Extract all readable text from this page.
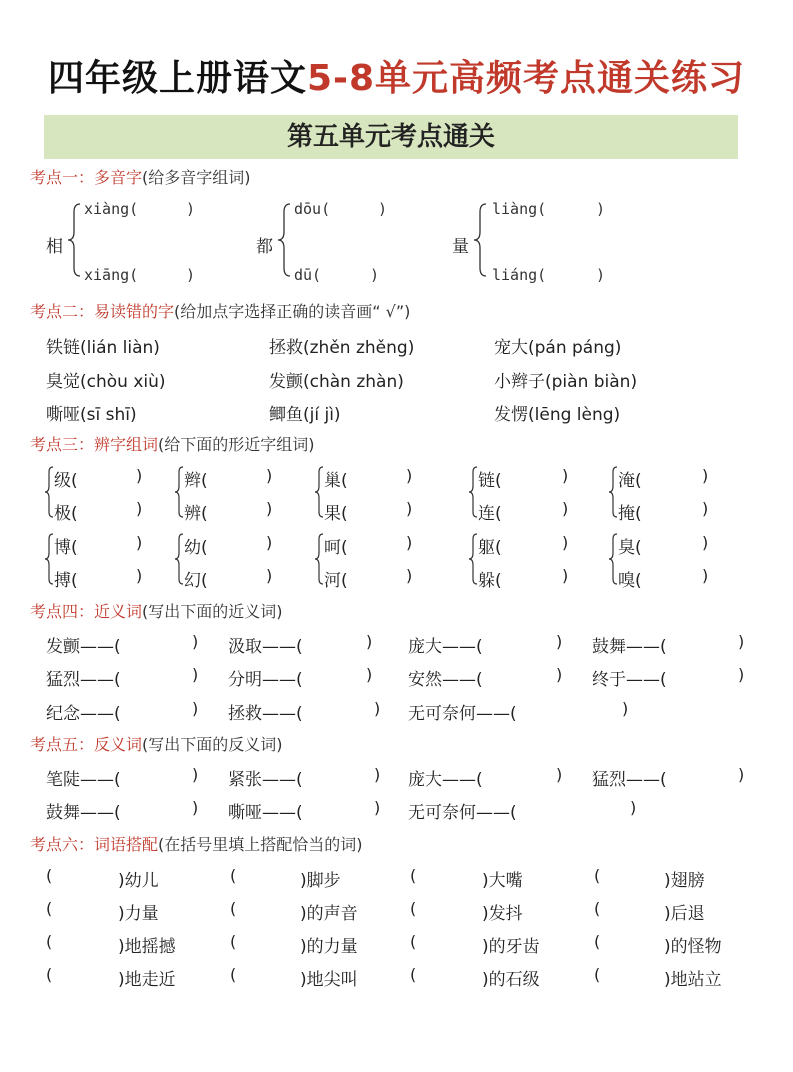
四年级上册语文5-8单元高频考点通关练习
第五单元考点通关
考点一：多音字(给多音字组词)
相
xiàng(	)
xiāng(	)
都
dōu(	)
dū(	)
量
liàng(	)
liáng(	)
考点二：易读错的字(给加点字选择正确的读音画“ √”)
铁链(lián liàn)	拯救(zhěn zhěng)	宠大(pán páng)
臭觉(chòu xiù)	发颤(chàn zhàn)	小辫子(piàn biàn)
嘶哑(sī shī)	鲫鱼(jí jì)	发愣(lēng lèng)
考点三：辨字组词(给下面的形近字组词)
级(	)
极(	)
辫(	)
辨(	)
巢(	)
果(	)
链(	)
连(	)
淹(	)
掩(	)
博(	)
搏(	)
幼(	)
幻(	)
呵(	)
河(	)
躯(	)
躲(	)
臭(	)
嗅(	)
考点四：近义词(写出下面的近义词)
发颤——(	) 汲取——(	) 庞大——(	) 鼓舞——(	)
猛烈——(	) 分明——(	) 安然——(	) 终于——(	)
纪念——(	) 拯救——(	) 无可奈何——(	)
考点五：反义词(写出下面的反义词)
笔陡——(	) 紧张——(	) 庞大——(	) 猛烈——(	)
鼓舞——(	) 嘶哑——(	) 无可奈何——(	)
考点六：词语搭配(在括号里填上搭配恰当的词)
(	)幼儿	(	)脚步	(	)大嘴	(	)翅膀
(	)力量	(	)的声音	(	)发抖	(	)后退
(	)地摇撼	(	)的力量	(	)的牙齿	(	)的怪物
(	)地走近	(	)地尖叫	(	)的石级	(	)地站立
